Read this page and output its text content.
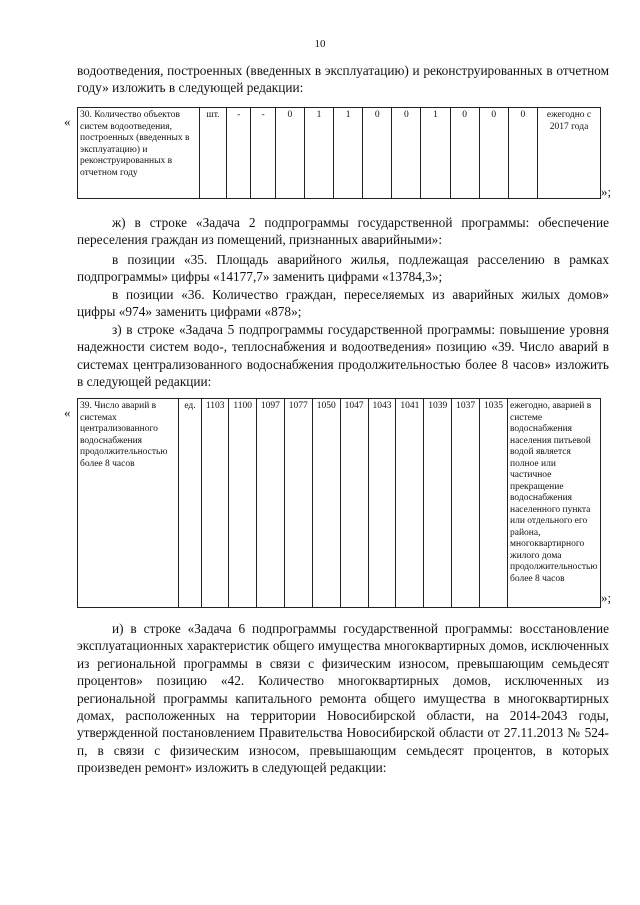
10

водоотведения, построенных (введенных в эксплуатацию) и реконструированных в отчетном году» изложить в следующей редакции:

« 30. Количество объектов систем водоотведения, построенных (введенных в эксплуатацию) и реконструированных в отчетном году	шт.	-	-	0	1	1	0	0	1	0	0	0	ежегодно с 2017 года
»;

ж) в строке «Задача 2 подпрограммы государственной программы: обеспечение переселения граждан из помещений, признанных аварийными»:

в позиции «35. Площадь аварийного жилья, подлежащая расселению в рамках подпрограммы» цифры «14177,7» заменить цифрами «13784,3»;

в позиции «36. Количество граждан, переселяемых из аварийных жилых домов» цифры «974» заменить цифрами «878»;

з) в строке «Задача 5 подпрограммы государственной программы: повышение уровня надежности систем водо-, теплоснабжения и водоотведения» позицию «39. Число аварий в системах централизованного водоснабжения продолжительностью более 8 часов» изложить в следующей редакции:

« 39. Число аварий в системах централизованного водоснабжения продолжительностью более 8 часов	ед.	1103	1100	1097	1077	1050	1047	1043	1041	1039	1037	1035	ежегодно, аварией в системе водоснабжения населения питьевой водой является полное или частичное прекращение водоснабжения населенного пункта или отдельного его района, многоквартирного жилого дома продолжительностью более 8 часов
»;

и) в строке «Задача 6 подпрограммы государственной программы: восстановление эксплуатационных характеристик общего имущества многоквартирных домов, исключенных из региональной программы в связи с физическим износом, превышающим семьдесят процентов» позицию «42. Количество многоквартирных домов, исключенных из региональной программы капитального ремонта общего имущества в многоквартирных домах, расположенных на территории Новосибирской области, на 2014-2043 годы, утвержденной постановлением Правительства Новосибирской области от 27.11.2013 № 524-п, в связи с физическим износом, превышающим семьдесят процентов, в которых произведен ремонт» изложить в следующей редакции:
